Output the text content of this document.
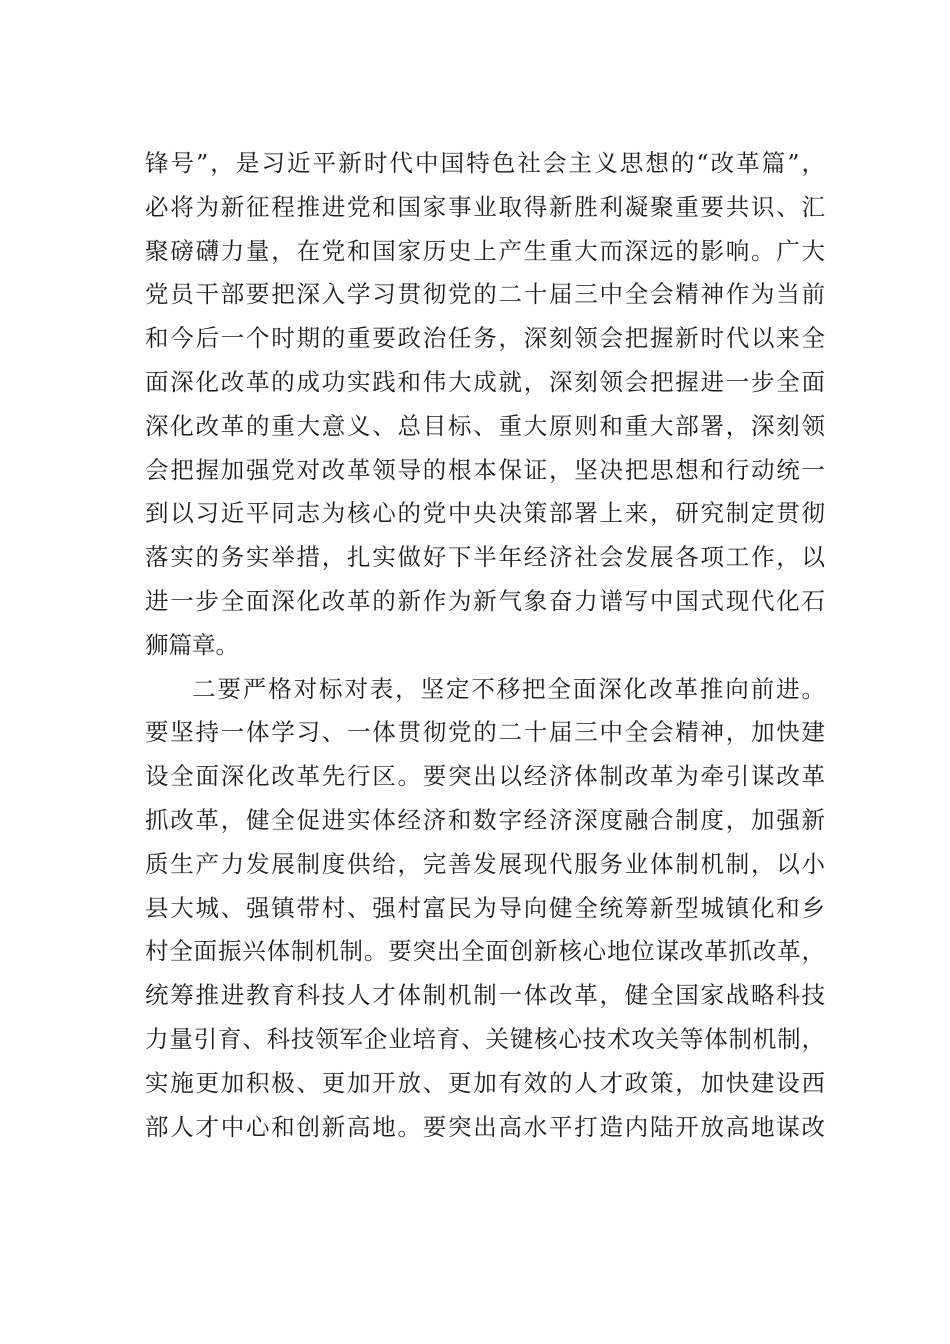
锋号”，是习近平新时代中国特色社会主义思想的“改革篇”，
必将为新征程推进党和国家事业取得新胜利凝聚重要共识、汇
聚磅礴力量，在党和国家历史上产生重大而深远的影响。广大
党员干部要把深入学习贯彻党的二十届三中全会精神作为当前
和今后一个时期的重要政治任务，深刻领会把握新时代以来全
面深化改革的成功实践和伟大成就，深刻领会把握进一步全面
深化改革的重大意义、总目标、重大原则和重大部署，深刻领
会把握加强党对改革领导的根本保证，坚决把思想和行动统一
到以习近平同志为核心的党中央决策部署上来，研究制定贯彻
落实的务实举措，扎实做好下半年经济社会发展各项工作，以
进一步全面深化改革的新作为新气象奋力谱写中国式现代化石
狮篇章。
二要严格对标对表，坚定不移把全面深化改革推向前进。
要坚持一体学习、一体贯彻党的二十届三中全会精神，加快建
设全面深化改革先行区。要突出以经济体制改革为牵引谋改革
抓改革，健全促进实体经济和数字经济深度融合制度，加强新
质生产力发展制度供给，完善发展现代服务业体制机制，以小
县大城、强镇带村、强村富民为导向健全统筹新型城镇化和乡
村全面振兴体制机制。要突出全面创新核心地位谋改革抓改革，
统筹推进教育科技人才体制机制一体改革，健全国家战略科技
力量引育、科技领军企业培育、关键核心技术攻关等体制机制，
实施更加积极、更加开放、更加有效的人才政策，加快建设西
部人才中心和创新高地。要突出高水平打造内陆开放高地谋改
